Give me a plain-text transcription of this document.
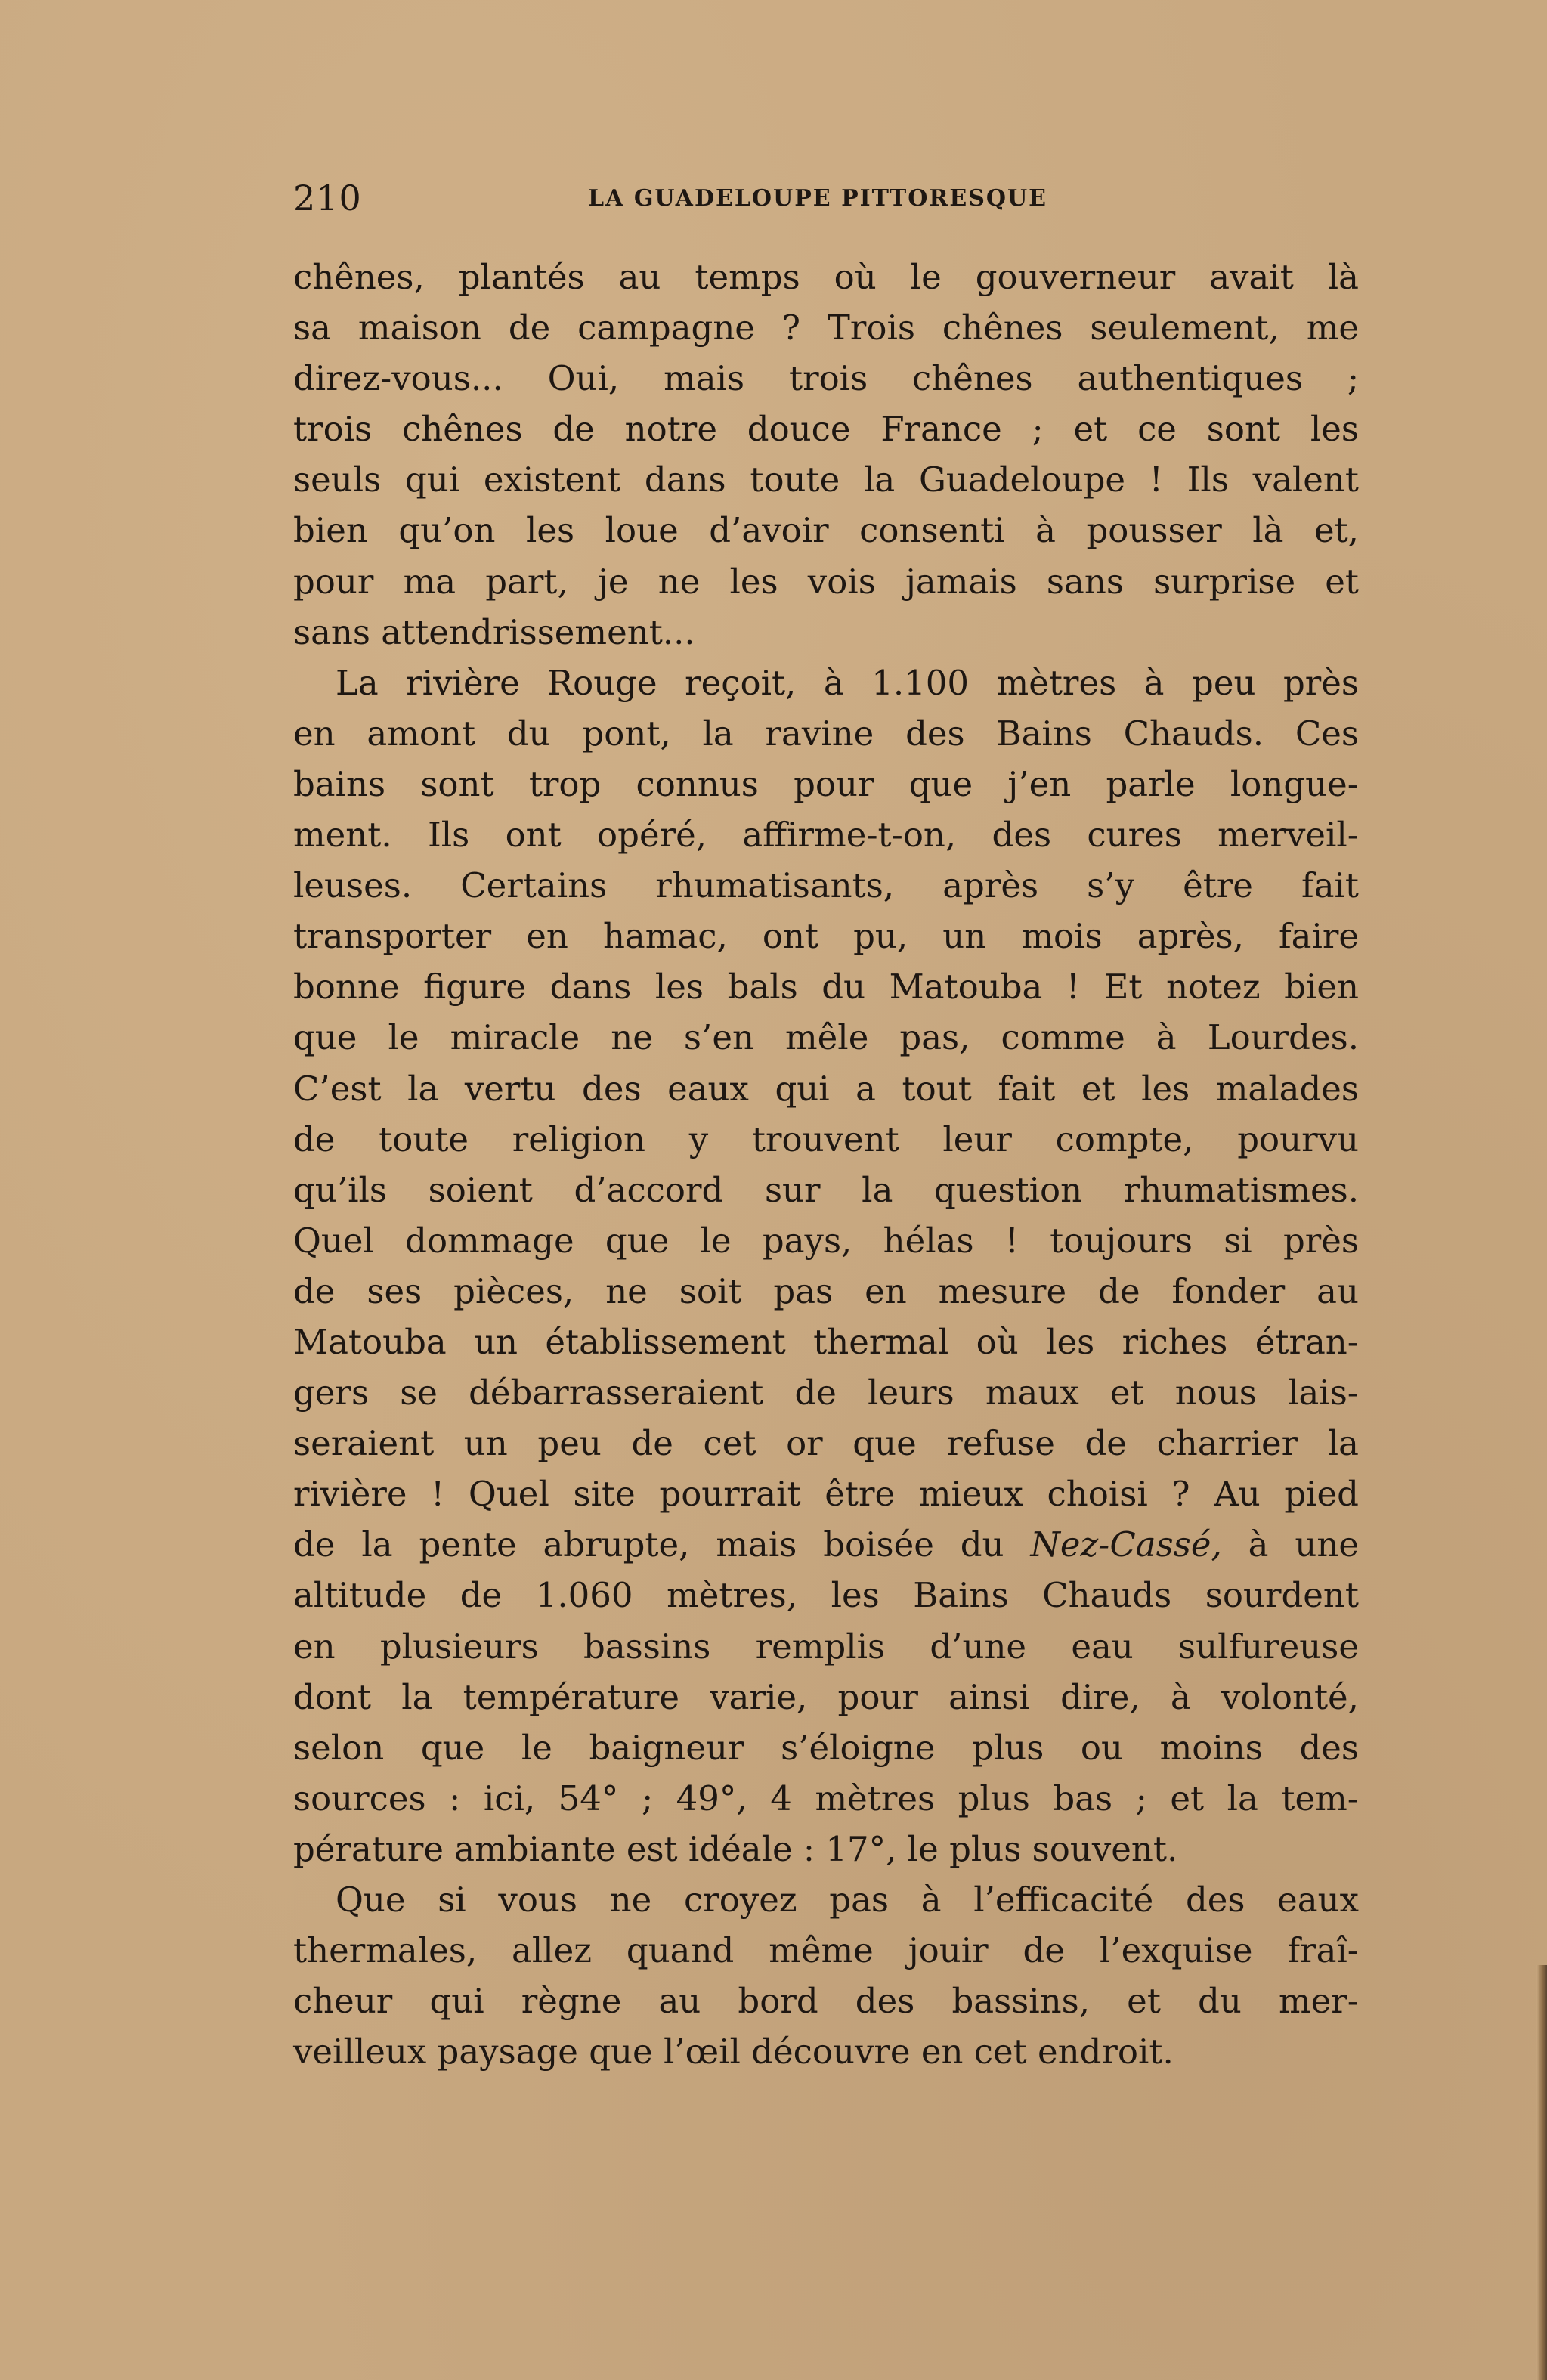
210	LA GUADELOUPE PITTORESQUE
chênes, plantés au temps où le gouverneur avait là
sa maison de campagne ? Trois chênes seulement, me
direz-vous... Oui, mais trois chênes authentiques ;
trois chênes de notre douce France ; et ce sont les
seuls qui existent dans toute la Guadeloupe ! Ils valent
bien qu’on les loue d’avoir consenti à pousser là et,
pour ma part, je ne les vois jamais sans surprise et
sans attendrissement...
La rivière Rouge reçoit, à 1.100 mètres à peu près
en amont du pont, la ravine des Bains Chauds. Ces
bains sont trop connus pour que j’en parle longue-
ment. Ils ont opéré, affirme-t-on, des cures merveil-
leuses. Certains rhumatisants, après s’y être fait
transporter en hamac, ont pu, un mois après, faire
bonne figure dans les bals du Matouba ! Et notez bien
que le miracle ne s’en mêle pas, comme à Lourdes.
C’est la vertu des eaux qui a tout fait et les malades
de toute religion y trouvent leur compte, pourvu
qu’ils soient d’accord sur la question rhumatismes.
Quel dommage que le pays, hélas ! toujours si près
de ses pièces, ne soit pas en mesure de fonder au
Matouba un établissement thermal où les riches étran-
gers se débarrasseraient de leurs maux et nous lais-
seraient un peu de cet or que refuse de charrier la
rivière ! Quel site pourrait être mieux choisi ? Au pied
de la pente abrupte, mais boisée du Nez-Cassé, à une
altitude de 1.060 mètres, les Bains Chauds sourdent
en plusieurs bassins remplis d’une eau sulfureuse
dont la température varie, pour ainsi dire, à volonté,
selon que le baigneur s’éloigne plus ou moins des
sources : ici, 54° ; 49°, 4 mètres plus bas ; et la tem-
pérature ambiante est idéale : 17°, le plus souvent.
Que si vous ne croyez pas à l’efficacité des eaux
thermales, allez quand même jouir de l’exquise fraî-
cheur qui règne au bord des bassins, et du mer-
veilleux paysage que l’œil découvre en cet endroit.
